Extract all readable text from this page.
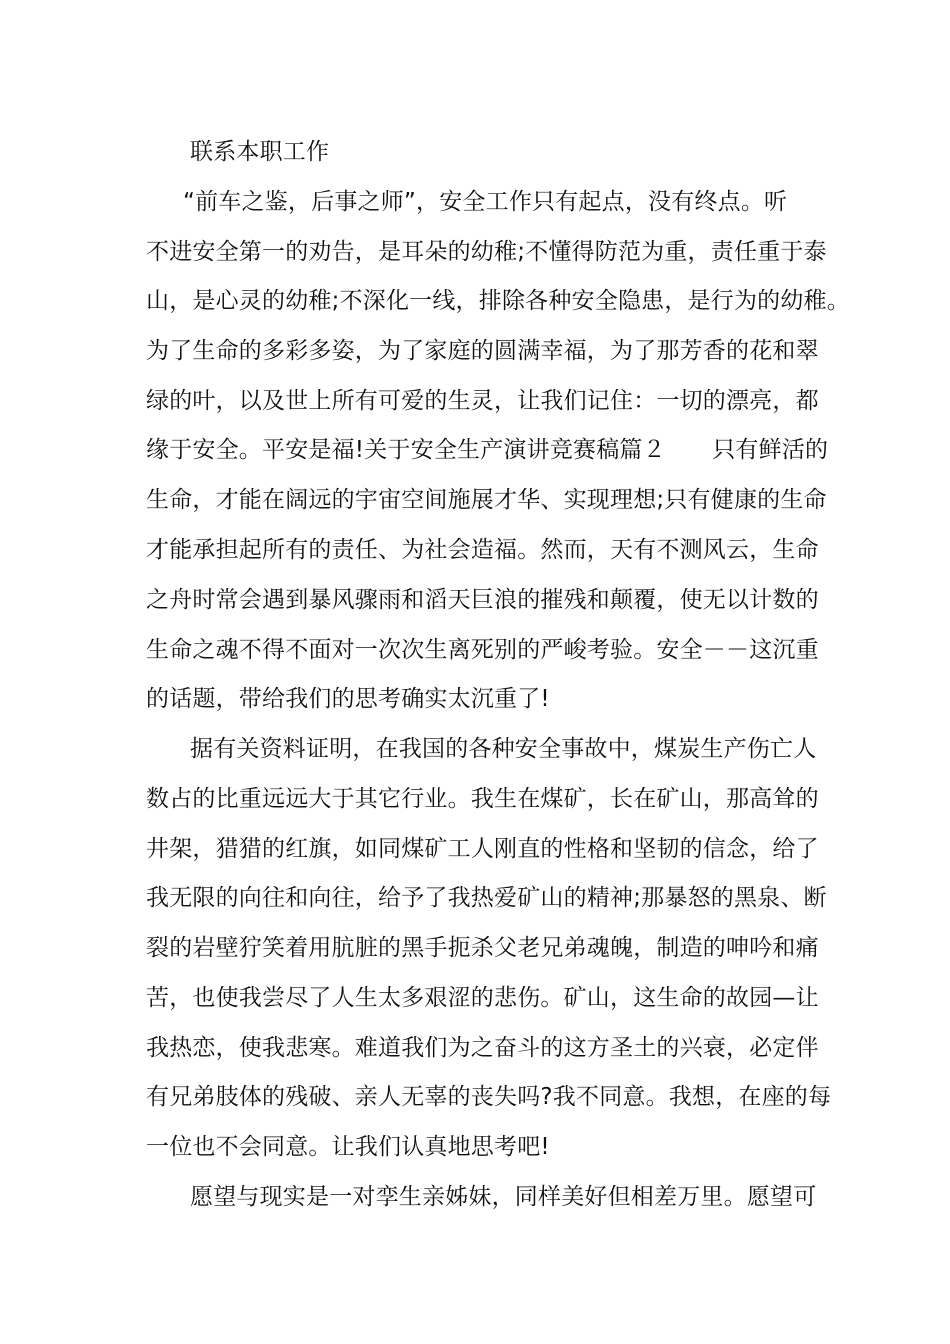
联系本职工作
“前车之鉴，后事之师”，安全工作只有起点，没有终点。听
不进安全第一的劝告，是耳朵的幼稚;不懂得防范为重，责任重于泰
山，是心灵的幼稚;不深化一线，排除各种安全隐患，是行为的幼稚。
为了生命的多彩多姿，为了家庭的圆满幸福，为了那芳香的花和翠
绿的叶，以及世上所有可爱的生灵，让我们记住：一切的漂亮，都
缘于安全。平安是福!关于安全生产演讲竞赛稿篇２　　只有鲜活的
生命，才能在阔远的宇宙空间施展才华、实现理想;只有健康的生命
才能承担起所有的责任、为社会造福。然而，天有不测风云，生命
之舟时常会遇到暴风骤雨和滔天巨浪的摧残和颠覆，使无以计数的
生命之魂不得不面对一次次生离死别的严峻考验。安全－－这沉重
的话题，带给我们的思考确实太沉重了!
据有关资料证明，在我国的各种安全事故中，煤炭生产伤亡人
数占的比重远远大于其它行业。我生在煤矿，长在矿山，那高耸的
井架，猎猎的红旗，如同煤矿工人刚直的性格和坚韧的信念，给了
我无限的向往和向往，给予了我热爱矿山的精神;那暴怒的黑泉、断
裂的岩壁狞笑着用肮脏的黑手扼杀父老兄弟魂魄，制造的呻吟和痛
苦，也使我尝尽了人生太多艰涩的悲伤。矿山，这生命的故园—让
我热恋，使我悲寒。难道我们为之奋斗的这方圣土的兴衰，必定伴
有兄弟肢体的残破、亲人无辜的丧失吗?我不同意。我想，在座的每
一位也不会同意。让我们认真地思考吧!
愿望与现实是一对孪生亲姊妹，同样美好但相差万里。愿望可
